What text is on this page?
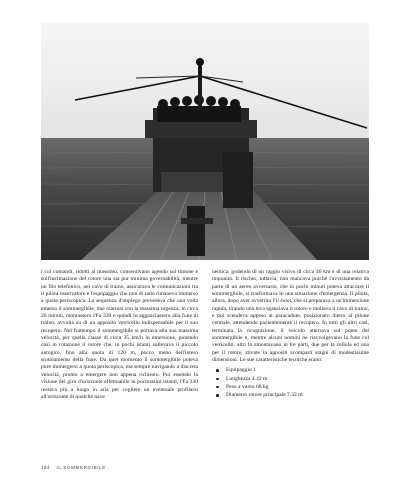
i cui comandi, ridotti al massimo, consentivano agendo sul timone e sull'inclinazione del rotore una sia pur minima governabilità, mentre un filo telefonico, nel cavo di traino, assicurava le comunicazioni tra il pilota osservatore e l'equipaggio che non di rado rimaneva immerso a quota periscopica. La sequenza d'impiego prevedeva che una volta emerso il sommergibile, due marinai con la massima urgenza, in circa 20 minuti, montassero l'Fa 330 e quindi lo agganciassero alla fune di traino, avvolta su di un apposito verricello indispensabile per il suo recupero. Nel frattempo il sommergibile si portava alla sua massima velocità, per quella classe di circa 35 km/h in emersione, ponendo così in rotazione il rotore che, in pochi istanti sollevava il piccolo autogiro, fino alla quota di 120 m, pocco meno dell'intero srotolamento della fune. Da quel momento il sommergibile poteva pure immergersi a quota periscopica, ma sempre navigando a discreta velocità, pronto a emergere non appena richiesto. Pur essendo la visione del giro d'orizzonte effettuabile in pochissimi istanti, l'Fa 330 restava più a lungo in aria per cogliere un eventuale profilarsi all'orizzonte di qualche nave

nemica, godendo di un raggio visivo di circa 46 km e di una relativa impunità. Il rischio, tuttavia, non mancava poiché l'avvistamento da parte di un aereo avversario, che in pochi minuti poteva attaccare il sommergibile, si trasformava in una situazione d'emergenza. Il pilota, allora, dopo aver avvertito l'U-boot, che si preparava a un'immersione rapida, tirando una leva sganciava il rotore e mollava il cavo di traino, e poi scendeva appeso al paracadute, posizionato dietro al pilone centrale, attendendo pazientemente il recupero. In tutti gli altri casi, terminata la ricognizione, il veicolo atterrava sul ponte del sommergibile e, mentre alcuni uomini ne riavvolgevano la fune col verricello, altri lo smontavano in tre parti, due per la cellula ed una per il rotore, stivate in appositi scompartí stagni di modestissime dimensioni. Le sue caratteristiche tecniche erano:

Equipaggio 1
Lunghezza 4.42 m
Peso a vuoto 68 kg
Diametro rotore principale 7.32 m
184 IL SOMMERGIBILE
